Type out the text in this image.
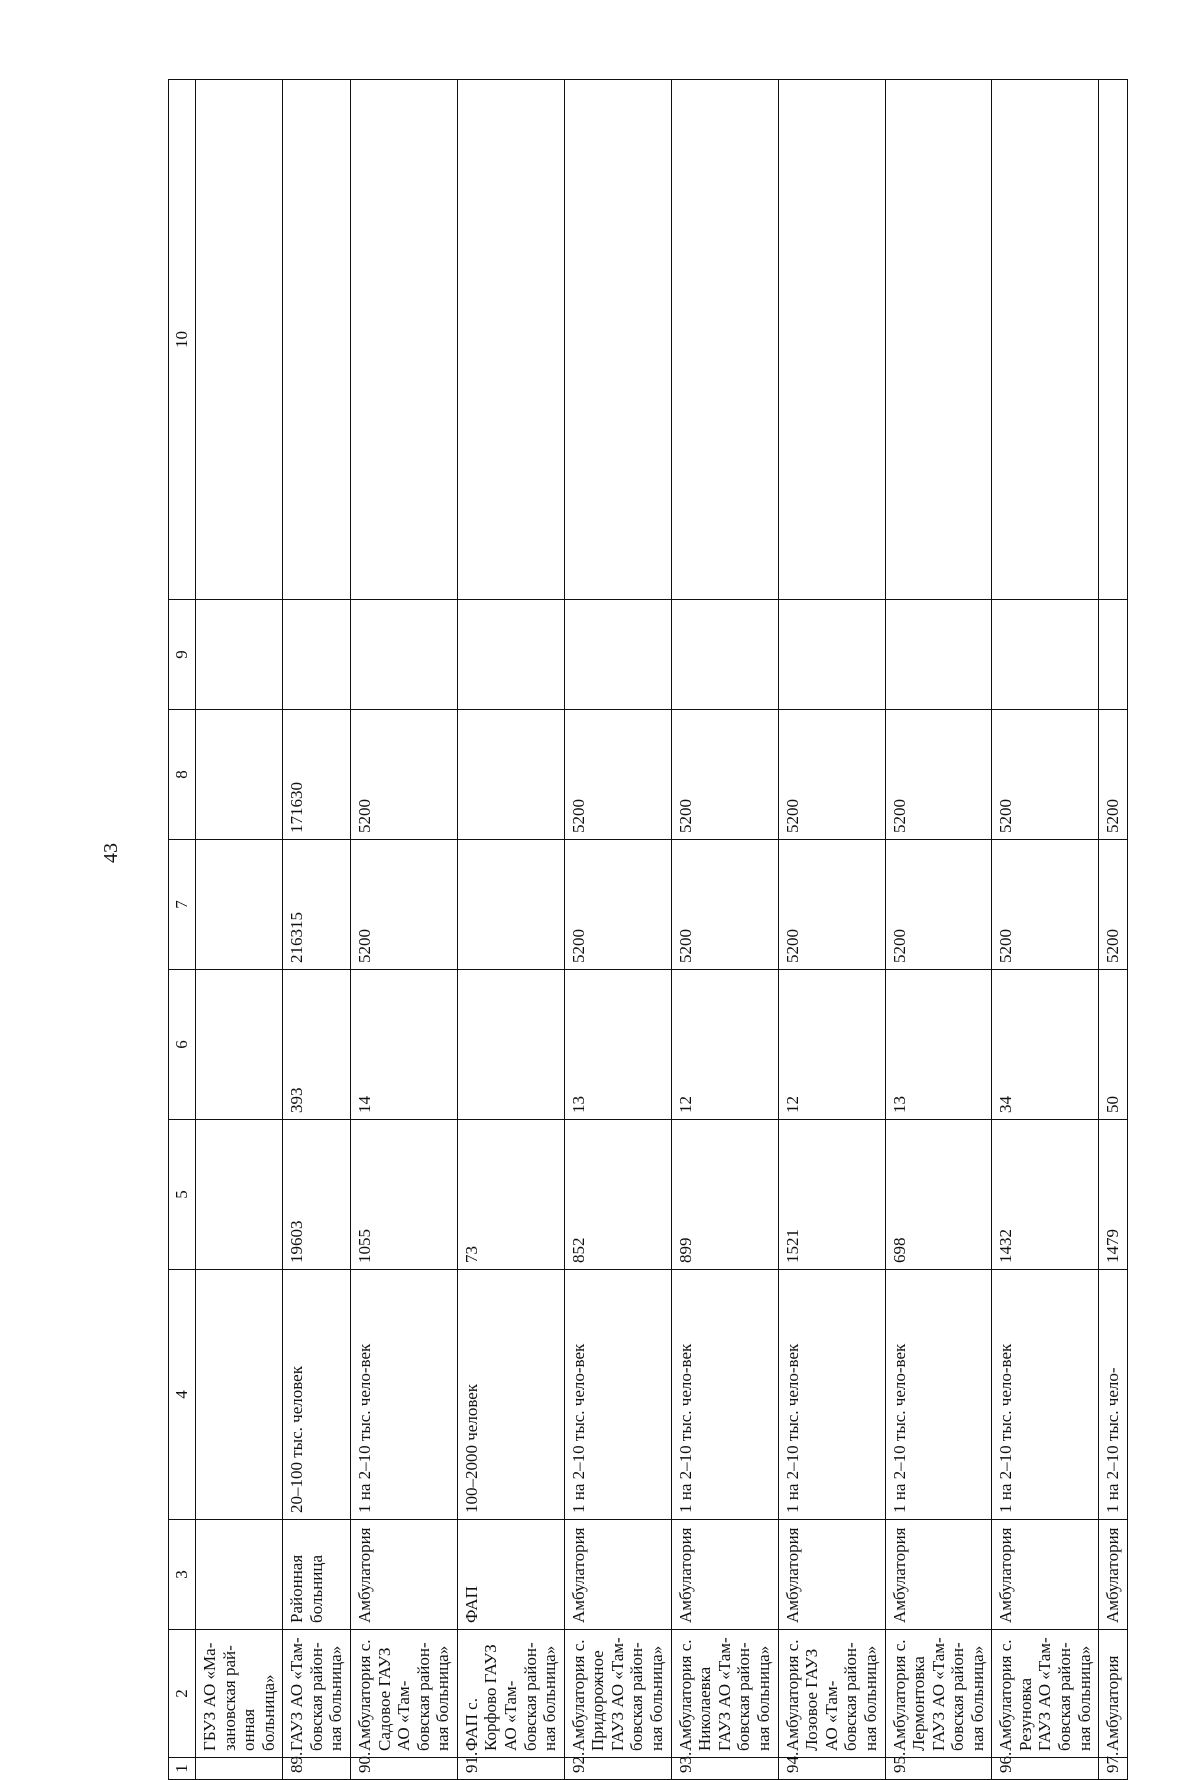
43
1	2	3	4	5	6	7	8	9	10
	ГБУЗ АО «Ма-зановская рай-онная больница»								
89.	ГАУЗ АО «Там-бовская район-ная больница»	Районная больница	20–100 тыс. человек	19603	393	216315	171630		
90.	Амбулатория с. Садовое ГАУЗ АО «Там-бовская район-ная больница»	Амбулатория	1 на 2–10 тыс. чело-век	1055	14	5200	5200		
91.	ФАП с. Корфово ГАУЗ АО «Там-бовская район-ная больница»	ФАП	100–2000 человек	73					
92.	Амбулатория с. Придорожное ГАУЗ АО «Там-бовская район-ная больница»	Амбулатория	1 на 2–10 тыс. чело-век	852	13	5200	5200		
93.	Амбулатория с. Николаевка ГАУЗ АО «Там-бовская район-ная больница»	Амбулатория	1 на 2–10 тыс. чело-век	899	12	5200	5200		
94.	Амбулатория с. Лозовое ГАУЗ АО «Там-бовская район-ная больница»	Амбулатория	1 на 2–10 тыс. чело-век	1521	12	5200	5200		
95.	Амбулатория с. Лермонтовка ГАУЗ АО «Там-бовская район-ная больница»	Амбулатория	1 на 2–10 тыс. чело-век	698	13	5200	5200		
96.	Амбулатория с. Резуновка ГАУЗ АО «Там-бовская район-ная больница»	Амбулатория	1 на 2–10 тыс. чело-век	1432	34	5200	5200		
97.	Амбулатория	Амбулатория	1 на 2–10 тыс. чело-	1479	50	5200	5200		
